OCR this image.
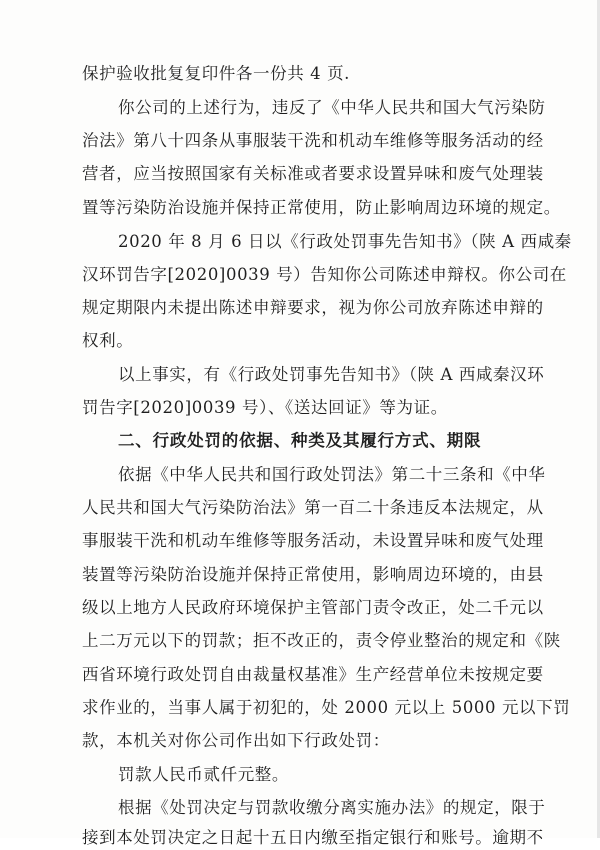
保护验收批复复印件各一份共 4 页.
你公司的上述行为，违反了《中华人民共和国大气污染防
治法》第八十四条从事服装干洗和机动车维修等服务活动的经
营者，应当按照国家有关标准或者要求设置异味和废气处理装
置等污染防治设施并保持正常使用，防止影响周边环境的规定。
2020 年 8 月 6 日以《行政处罚事先告知书》（陕 A 西咸秦
汉环罚告字[2020]0039 号）告知你公司陈述申辩权。你公司在
规定期限内未提出陈述申辩要求，视为你公司放弃陈述申辩的
权利。
以上事实，有《行政处罚事先告知书》（陕 A 西咸秦汉环
罚告字[2020]0039 号）、《送达回证》等为证。
二、行政处罚的依据、种类及其履行方式、期限
依据《中华人民共和国行政处罚法》第二十三条和《中华
人民共和国大气污染防治法》第一百二十条违反本法规定，从
事服装干洗和机动车维修等服务活动，未设置异味和废气处理
装置等污染防治设施并保持正常使用，影响周边环境的，由县
级以上地方人民政府环境保护主管部门责令改正，处二千元以
上二万元以下的罚款；拒不改正的，责令停业整治的规定和《陕
西省环境行政处罚自由裁量权基准》生产经营单位未按规定要
求作业的，当事人属于初犯的，处 2000 元以上 5000 元以下罚
款，本机关对你公司作出如下行政处罚：
罚款人民币贰仟元整。
根据《处罚决定与罚款收缴分离实施办法》的规定，限于
接到本处罚决定之日起十五日内缴至指定银行和账号。逾期不
